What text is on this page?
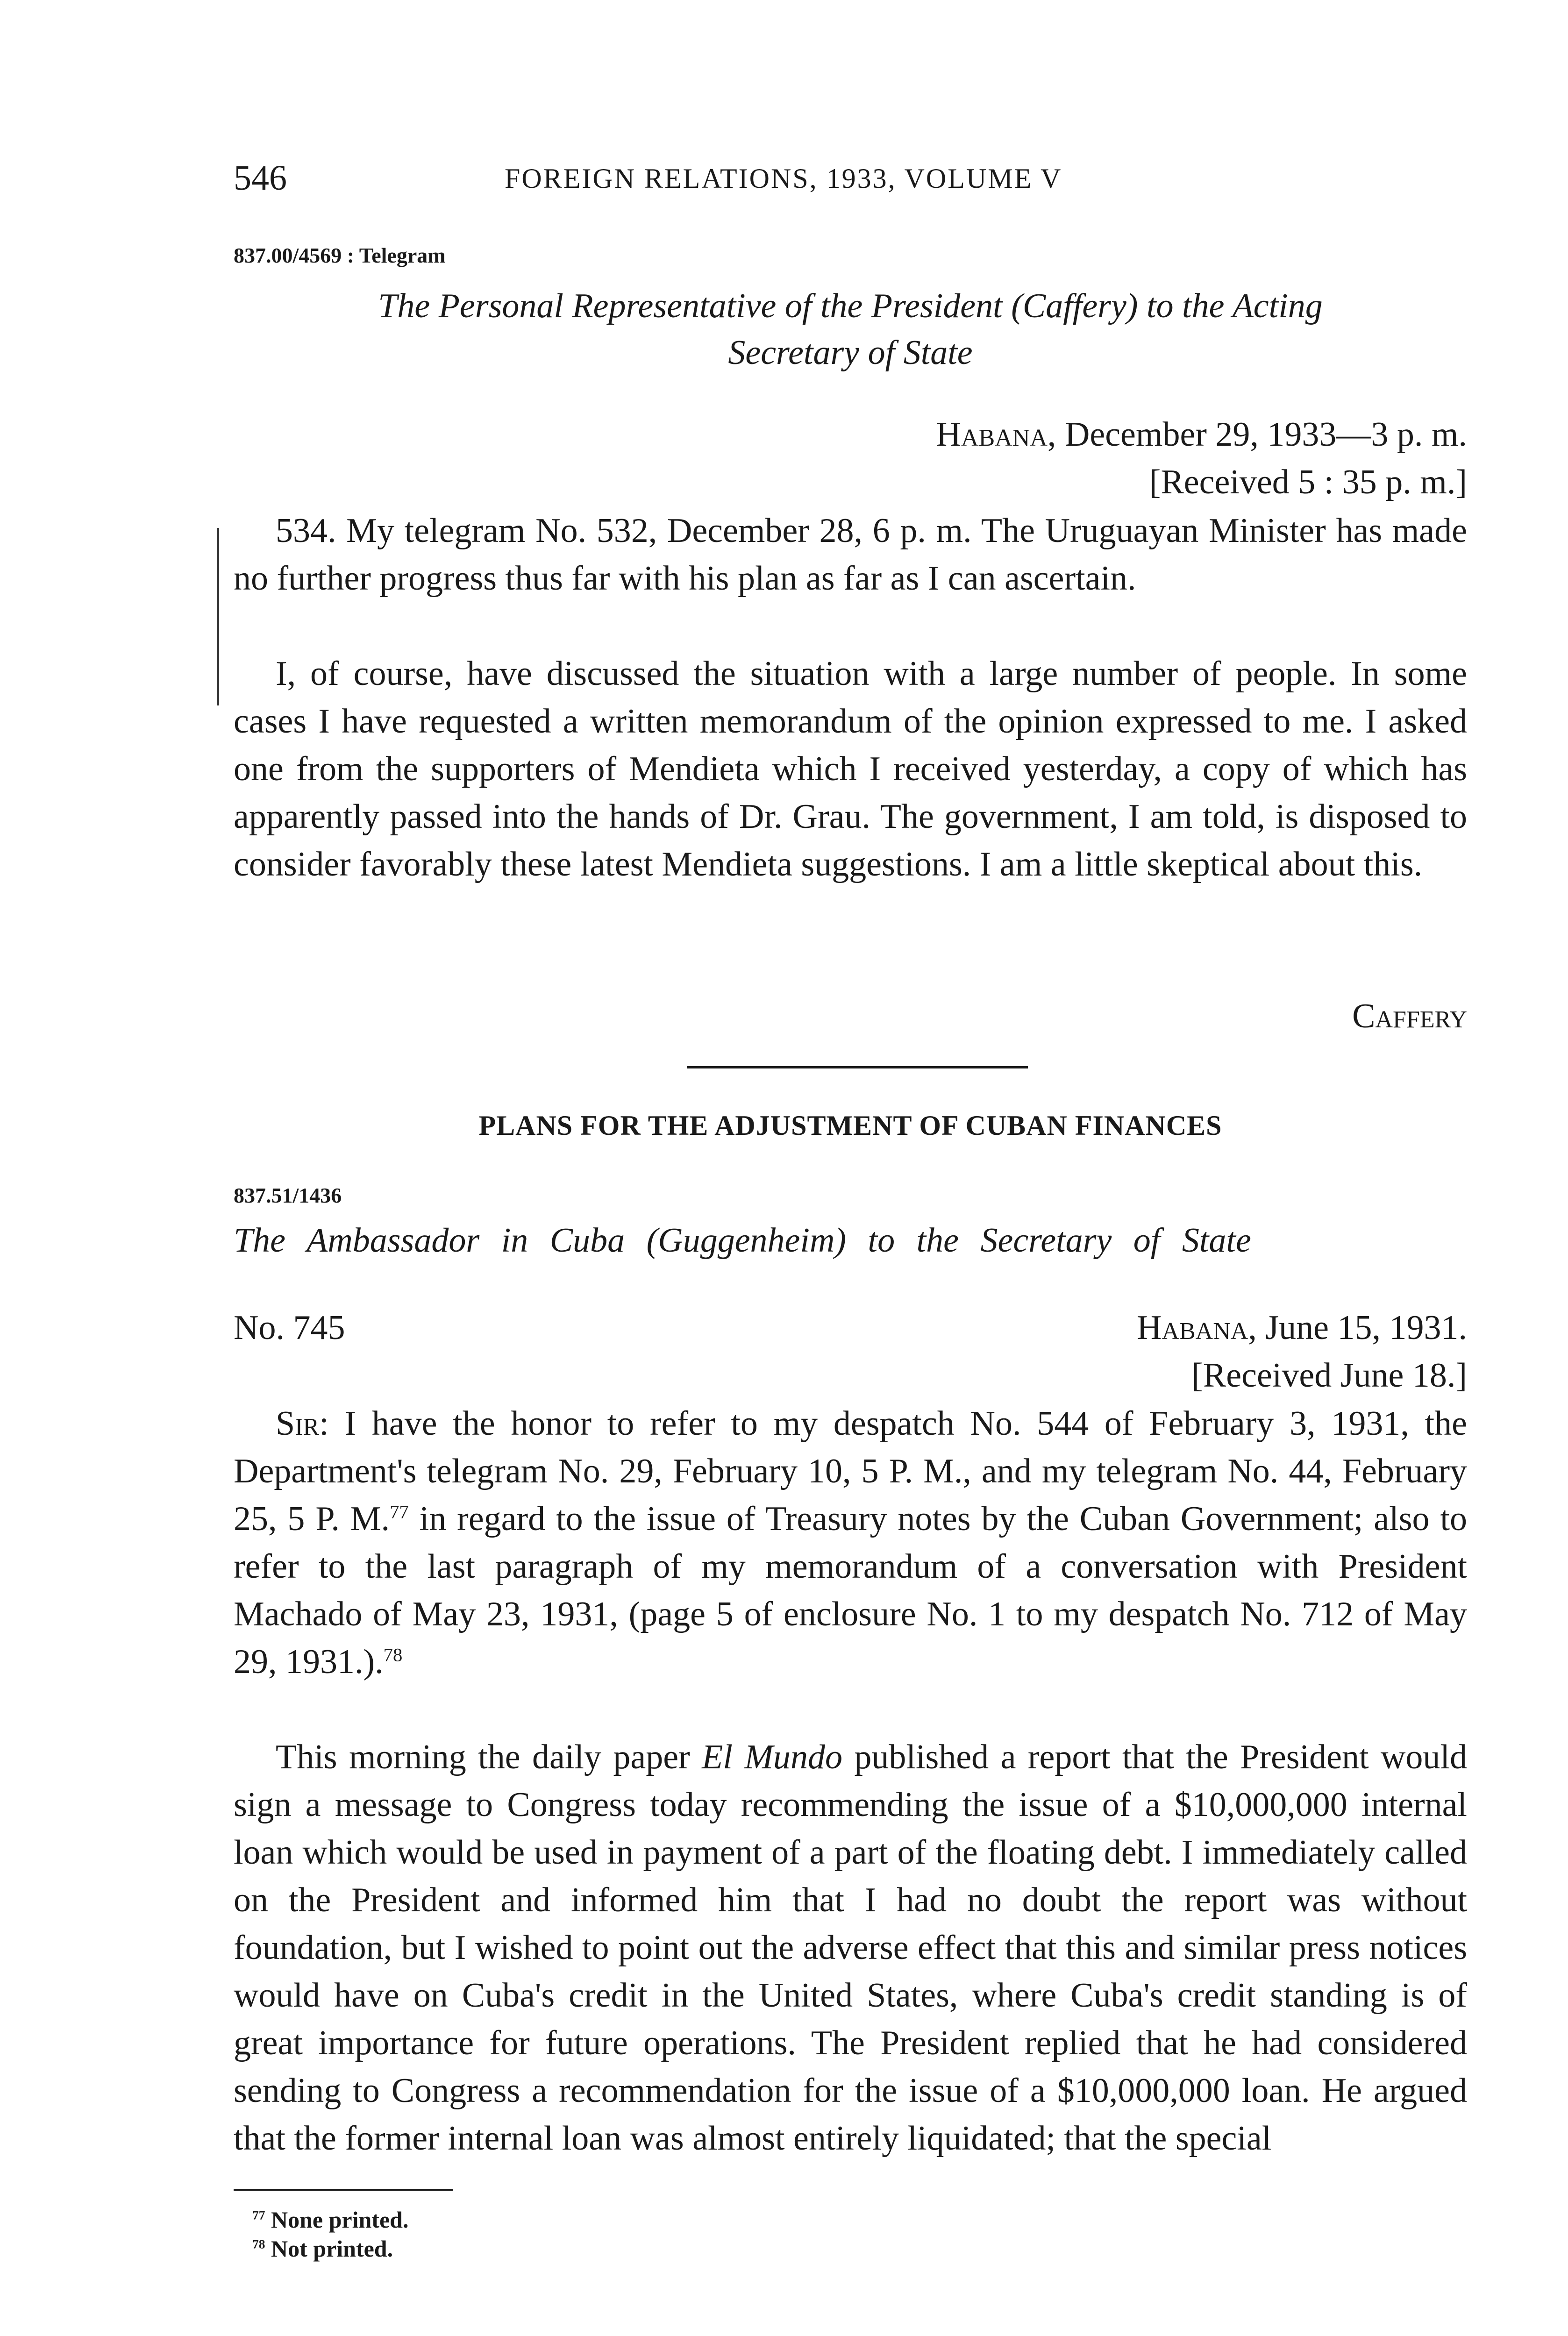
546	FOREIGN RELATIONS, 1933, VOLUME V
837.00/4569 : Telegram
The Personal Representative of the President (Caffery) to the Acting
Secretary of State
Habana, December 29, 1933—3 p. m.
[Received 5 : 35 p. m.]
534. My telegram No. 532, December 28, 6 p. m. The Uruguayan Minister has made no further progress thus far with his plan as far as I can ascertain.
I, of course, have discussed the situation with a large number of people. In some cases I have requested a written memorandum of the opinion expressed to me. I asked one from the supporters of Mendieta which I received yesterday, a copy of which has apparently passed into the hands of Dr. Grau. The government, I am told, is disposed to consider favorably these latest Mendieta suggestions. I am a little skeptical about this.
Caffery
PLANS FOR THE ADJUSTMENT OF CUBAN FINANCES
837.51/1436
The Ambassador in Cuba (Guggenheim) to the Secretary of State
No. 745	Habana, June 15, 1931.
[Received June 18.]
Sir: I have the honor to refer to my despatch No. 544 of February 3, 1931, the Department's telegram No. 29, February 10, 5 P. M., and my telegram No. 44, February 25, 5 P. M.$^{77}$ in regard to the issue of Treasury notes by the Cuban Government; also to refer to the last paragraph of my memorandum of a conversation with President Machado of May 23, 1931, (page 5 of enclosure No. 1 to my despatch No. 712 of May 29, 1931.).$^{78}$
This morning the daily paper El Mundo published a report that the President would sign a message to Congress today recommending the issue of a $10,000,000 internal loan which would be used in payment of a part of the floating debt. I immediately called on the President and informed him that I had no doubt the report was without foundation, but I wished to point out the adverse effect that this and similar press notices would have on Cuba's credit in the United States, where Cuba's credit standing is of great importance for future operations. The President replied that he had considered sending to Congress a recommendation for the issue of a $10,000,000 loan. He argued that the former internal loan was almost entirely liquidated; that the special
$^{77}$ None printed.
$^{78}$ Not printed.
